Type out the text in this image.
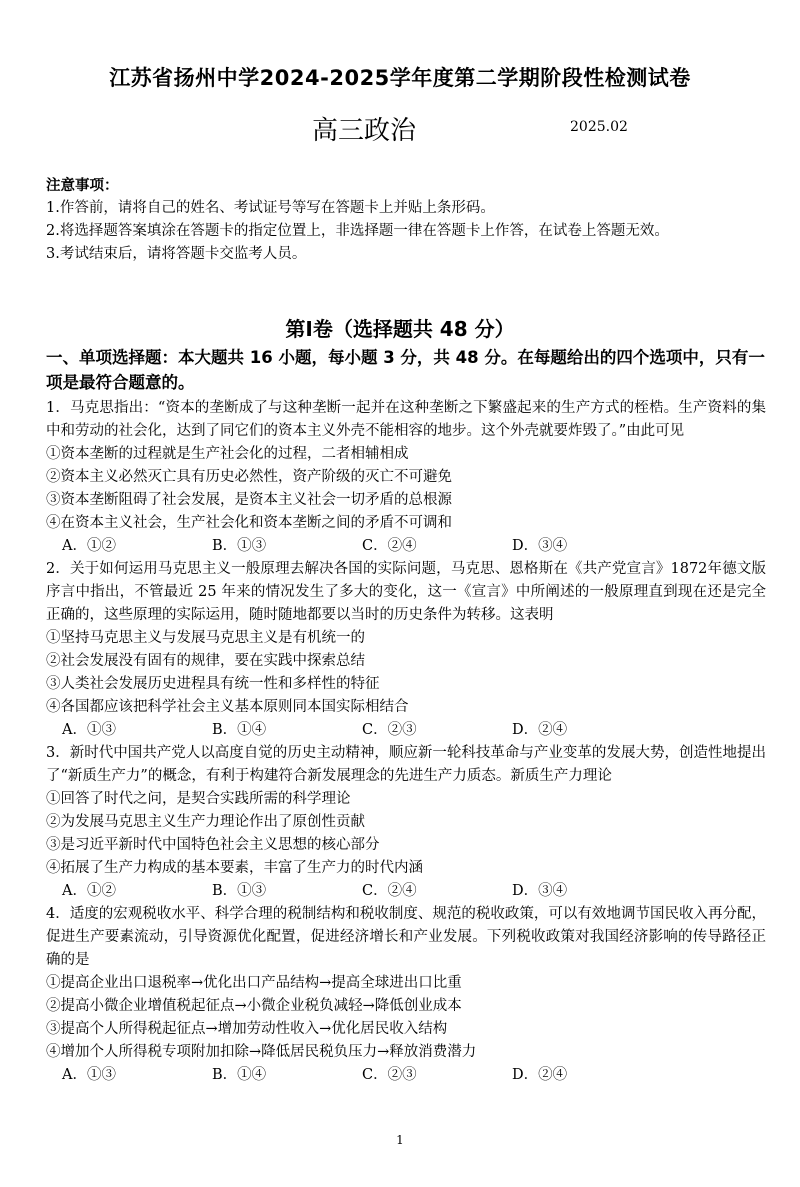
江苏省扬州中学2024-2025学年度第二学期阶段性检测试卷
高三政治	2025.02
注意事项：
1.作答前，请将自己的姓名、考试证号等写在答题卡上并贴上条形码。
2.将选择题答案填涂在答题卡的指定位置上，非选择题一律在答题卡上作答，在试卷上答题无效。
3.考试结束后，请将答题卡交监考人员。
第Ⅰ卷（选择题共 48 分）
一、单项选择题：本大题共 16 小题，每小题 3 分，共 48 分。在每题给出的四个选项中，只有一项是最符合题意的。

1．马克思指出：“资本的垄断成了与这种垄断一起并在这种垄断之下繁盛起来的生产方式的桎梏。生产资料的集中和劳动的社会化，达到了同它们的资本主义外壳不能相容的地步。这个外壳就要炸毁了。”由此可见

①资本垄断的过程就是生产社会化的过程，二者相辅相成

②资本主义必然灭亡具有历史必然性，资产阶级的灭亡不可避免

③资本垄断阻碍了社会发展，是资本主义社会一切矛盾的总根源

④在资本主义社会，生产社会化和资本垄断之间的矛盾不可调和

A．①②	B．①③	C．②④	D．③④

2．关于如何运用马克思主义一般原理去解决各国的实际问题，马克思、恩格斯在《共产党宣言》1872年德文版序言中指出，不管最近 25 年来的情况发生了多大的变化，这一《宣言》中所阐述的一般原理直到现在还是完全正确的，这些原理的实际运用，随时随地都要以当时的历史条件为转移。这表明

①坚持马克思主义与发展马克思主义是有机统一的

②社会发展没有固有的规律，要在实践中探索总结

③人类社会发展历史进程具有统一性和多样性的特征

④各国都应该把科学社会主义基本原则同本国实际相结合

A．①③	B．①④	C．②③	D．②④

3．新时代中国共产党人以高度自觉的历史主动精神，顺应新一轮科技革命与产业变革的发展大势，创造性地提出了“新质生产力”的概念，有利于构建符合新发展理念的先进生产力质态。新质生产力理论

①回答了时代之问，是契合实践所需的科学理论

②为发展马克思主义生产力理论作出了原创性贡献

③是习近平新时代中国特色社会主义思想的核心部分

④拓展了生产力构成的基本要素，丰富了生产力的时代内涵

A．①②	B．①③	C．②④	D．③④

4．适度的宏观税收水平、科学合理的税制结构和税收制度、规范的税收政策，可以有效地调节国民收入再分配，促进生产要素流动，引导资源优化配置，促进经济增长和产业发展。下列税收政策对我国经济影响的传导路径正确的是

①提高企业出口退税率→优化出口产品结构→提高全球进出口比重

②提高小微企业增值税起征点→小微企业税负减轻→降低创业成本

③提高个人所得税起征点→增加劳动性收入→优化居民收入结构

④增加个人所得税专项附加扣除→降低居民税负压力→释放消费潜力

A．①③	B．①④	C．②③	D．②④
1
